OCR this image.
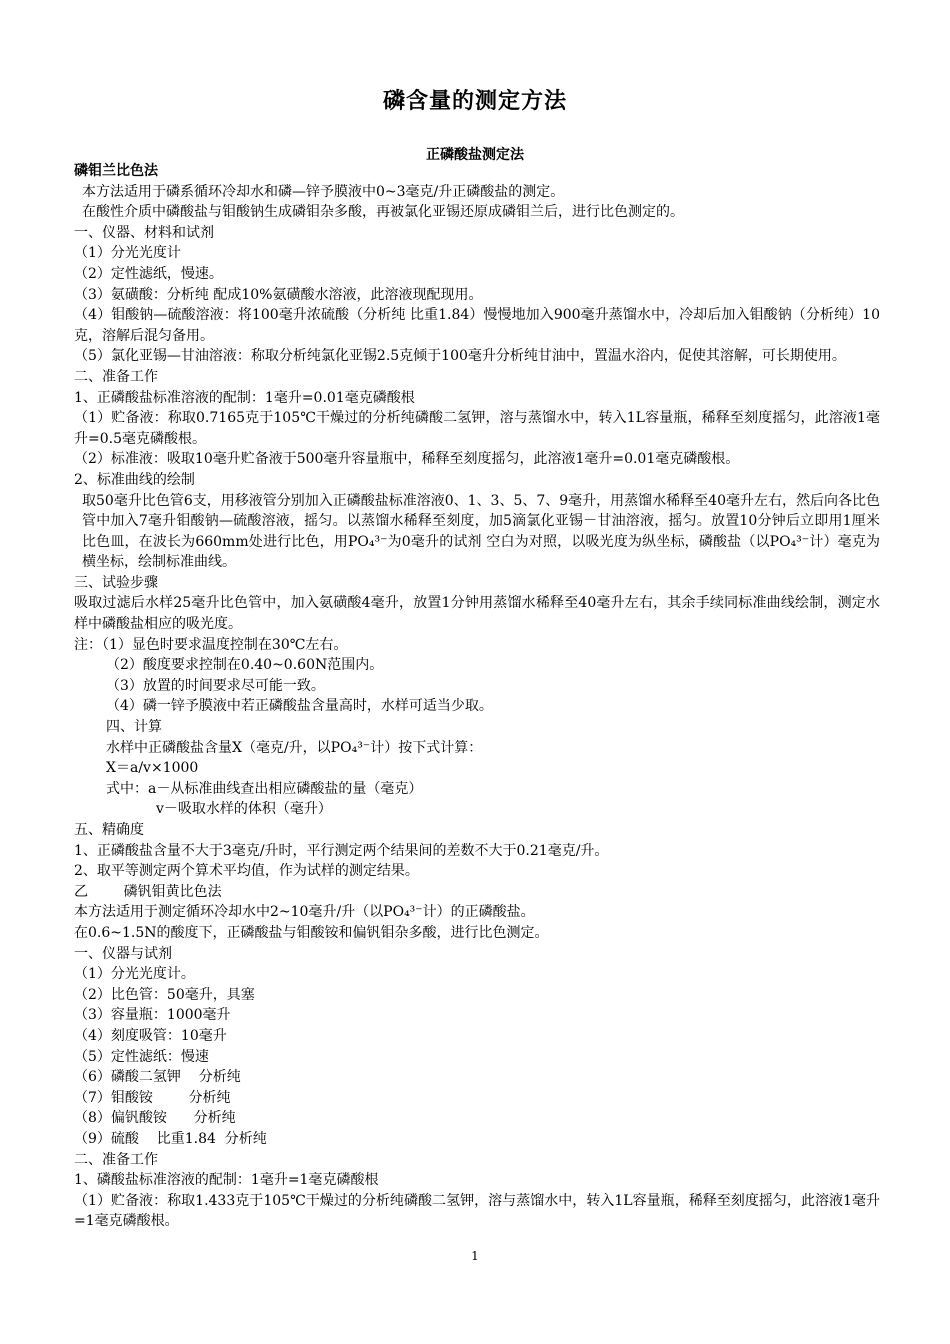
磷含量的测定方法
正磷酸盐测定法
磷钼兰比色法
本方法适用于磷系循环冷却水和磷—锌予膜液中0~3毫克/升正磷酸盐的测定。
在酸性介质中磷酸盐与钼酸钠生成磷钼杂多酸，再被氯化亚锡还原成磷钼兰后，进行比色测定的。
一、仪器、材料和试剂
（1）分光光度计
（2）定性滤纸，慢速。
（3）氨磺酸：分析纯 配成10%氨磺酸水溶液，此溶液现配现用。
（4）钼酸钠—硫酸溶液：将100毫升浓硫酸（分析纯 比重1.84）慢慢地加入900毫升蒸馏水中，冷却后加入钼酸钠（分析纯）10克，溶解后混匀备用。
（5）氯化亚锡—甘油溶液：称取分析纯氯化亚锡2.5克倾于100毫升分析纯甘油中，置温水浴内，促使其溶解，可长期使用。
二、准备工作
1、正磷酸盐标准溶液的配制：1毫升=0.01毫克磷酸根
（1）贮备液：称取0.7165克于105℃干燥过的分析纯磷酸二氢钾，溶与蒸馏水中，转入1L容量瓶，稀释至刻度摇匀，此溶液1毫升=0.5毫克磷酸根。
（2）标准液：吸取10毫升贮备液于500毫升容量瓶中，稀释至刻度摇匀，此溶液1毫升=0.01毫克磷酸根。
2、标准曲线的绘制
取50毫升比色管6支，用移液管分别加入正磷酸盐标准溶液0、1、3、5、7、9毫升，用蒸馏水稀释至40毫升左右，然后向各比色管中加入7毫升钼酸钠—硫酸溶液，摇匀。以蒸馏水稀释至刻度，加5滴氯化亚锡－甘油溶液，摇匀。放置10分钟后立即用1厘米比色皿，在波长为660mm处进行比色，用PO₄³⁻为0毫升的试剂 空白为对照，以吸光度为纵坐标，磷酸盐（以PO₄³⁻计）毫克为横坐标，绘制标准曲线。
三、试验步骤
吸取过滤后水样25毫升比色管中，加入氨磺酸4毫升，放置1分钟用蒸馏水稀释至40毫升左右，其余手续同标准曲线绘制，测定水样中磷酸盐相应的吸光度。
注：（1）显色时要求温度控制在30℃左右。
（2）酸度要求控制在0.40~0.60N范围内。
（3）放置的时间要求尽可能一致。
（4）磷一锌予膜液中若正磷酸盐含量高时，水样可适当少取。
四、计算
水样中正磷酸盐含量X（毫克/升，以PO₄³⁻计）按下式计算：
X＝a/v×1000
式中：a－从标准曲线查出相应磷酸盐的量（毫克）
v－吸取水样的体积（毫升）
五、精确度
1、正磷酸盐含量不大于3毫克/升时，平行测定两个结果间的差数不大于0.21毫克/升。
2、取平等测定两个算术平均值，作为试样的测定结果。
乙        磷钒钼黄比色法
本方法适用于测定循环冷却水中2~10毫升/升（以PO₄³⁻计）的正磷酸盐。
在0.6~1.5N的酸度下，正磷酸盐与钼酸铵和偏钒钼杂多酸，进行比色测定。
一、仪器与试剂
（1）分光光度计。
（2）比色管：50毫升，具塞
（3）容量瓶：1000毫升
（4）刻度吸管：10毫升
（5）定性滤纸：慢速
（6）磷酸二氢钾    分析纯
（7）钼酸铵        分析纯
（8）偏钒酸铵      分析纯
（9）硫酸    比重1.84  分析纯
二、准备工作
1、磷酸盐标准溶液的配制：1毫升=1毫克磷酸根
（1）贮备液：称取1.433克于105℃干燥过的分析纯磷酸二氢钾，溶与蒸馏水中，转入1L容量瓶，稀释至刻度摇匀，此溶液1毫升=1毫克磷酸根。
1
